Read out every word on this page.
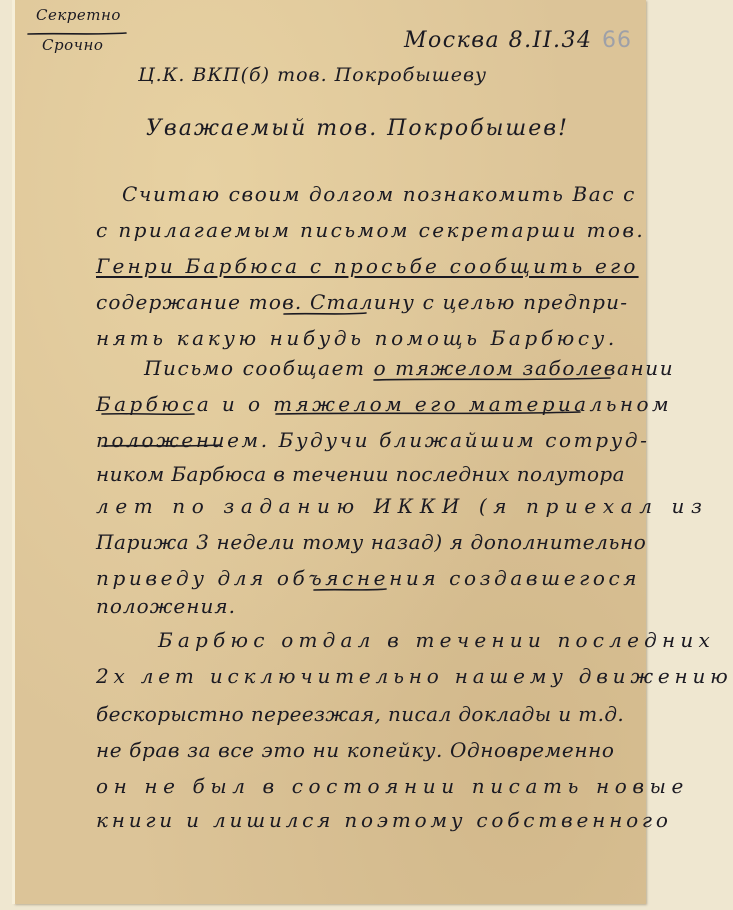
Секретно
Срочно	Москва 8.II.34 66
Ц.К. ВКП(б) тов. Покробышеву
Уважаемый тов. Покробышев!
Считаю своим долгом познакомить Вас с
с прилагаемым письмом секретарши тов.
Генри Барбюса с просьбе сообщить его
содержание тов. Сталину с целью предпри-
нять какую нибудь помощь Барбюсу.
Письмо сообщает о тяжелом заболевании
Барбюса и о тяжелом его материальном
положением. Будучи ближайшим сотруд-
ником Барбюса в течении последних полутора
лет по заданию ИККИ (я приехал из
Парижа 3 недели тому назад) я дополнительно
приведу для объяснения создавшегося
положения.
Барбюс отдал в течении последних
2х лет исключительно нашему движению
бескорыстно переезжая, писал доклады и т.д.
не брав за все это ни копейку. Одновременно
он не был в состоянии писать новые
книги и лишился поэтому собственного
